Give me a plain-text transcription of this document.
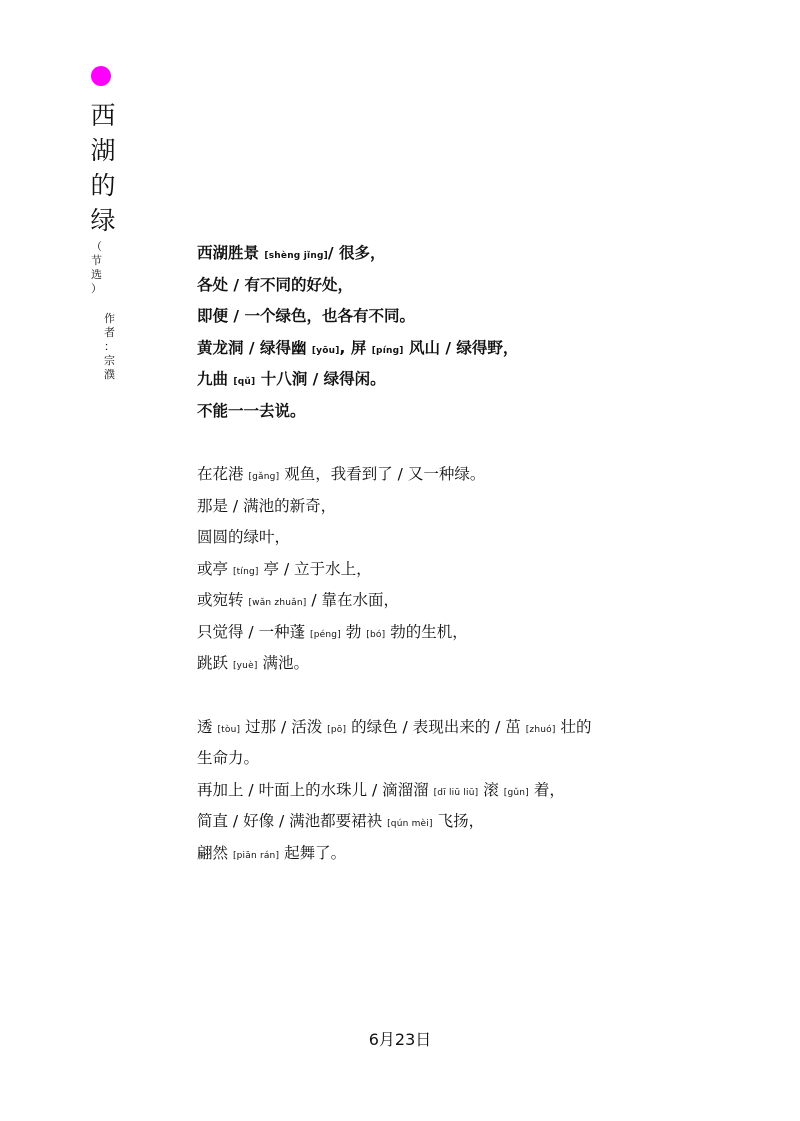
西
湖
的
绿
（
节
选
）
作
者
：
宗
濮
西湖胜景 [shèng jǐng]/ 很多，
各处 / 有不同的好处，
即便 / 一个绿色，也各有不同。
黄龙洞 / 绿得幽 [yōu], 屏 [píng] 风山 / 绿得野，
九曲 [qǔ] 十八涧 / 绿得闲。
不能一一去说。
在花港 [gǎng] 观鱼，我看到了 / 又一种绿。
那是 / 满池的新奇，
圆圆的绿叶，
或亭 [tíng] 亭 / 立于水上，
或宛转 [wǎn zhuǎn] / 靠在水面，
只觉得 / 一种蓬 [péng] 勃 [bó] 勃的生机，
跳跃 [yuè] 满池。
透 [tòu] 过那 / 活泼 [pō] 的绿色 / 表现出来的 / 茁 [zhuó] 壮的
生命力。
再加上 / 叶面上的水珠儿 / 滴溜溜 [dī liū liū] 滚 [gǔn] 着，
简直 / 好像 / 满池都要裙袂 [qún mèi] 飞扬，
翩然 [piān rán] 起舞了。
6月23日
